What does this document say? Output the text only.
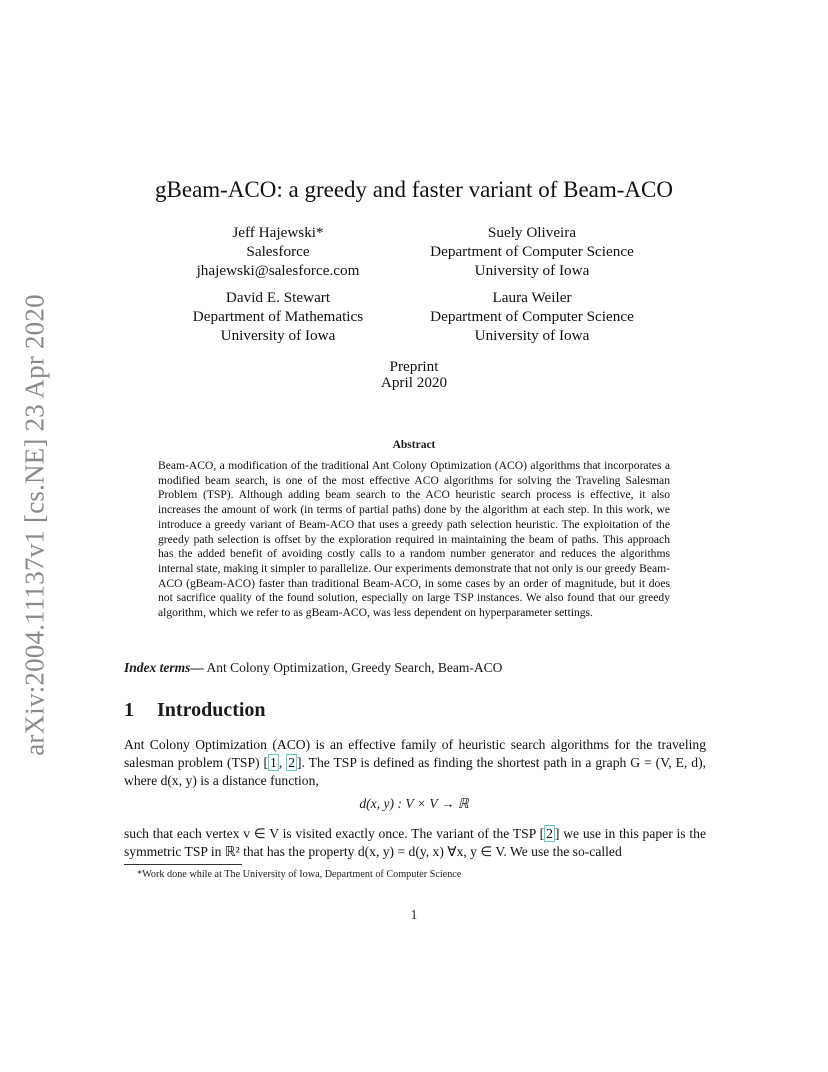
arXiv:2004.11137v1 [cs.NE] 23 Apr 2020
gBeam-ACO: a greedy and faster variant of Beam-ACO
Jeff Hajewski*
Salesforce
jhajewski@salesforce.com
Suely Oliveira
Department of Computer Science
University of Iowa
David E. Stewart
Department of Mathematics
University of Iowa
Laura Weiler
Department of Computer Science
University of Iowa
Preprint
April 2020
Abstract
Beam-ACO, a modification of the traditional Ant Colony Optimization (ACO) algorithms that incorporates a modified beam search, is one of the most effective ACO algorithms for solving the Traveling Salesman Problem (TSP). Although adding beam search to the ACO heuristic search process is effective, it also increases the amount of work (in terms of partial paths) done by the algorithm at each step. In this work, we introduce a greedy variant of Beam-ACO that uses a greedy path selection heuristic. The exploitation of the greedy path selection is offset by the exploration required in maintaining the beam of paths. This approach has the added benefit of avoiding costly calls to a random number generator and reduces the algorithms internal state, making it simpler to parallelize. Our experiments demonstrate that not only is our greedy Beam-ACO (gBeam-ACO) faster than traditional Beam-ACO, in some cases by an order of magnitude, but it does not sacrifice quality of the found solution, especially on large TSP instances. We also found that our greedy algorithm, which we refer to as gBeam-ACO, was less dependent on hyperparameter settings.
Index terms— Ant Colony Optimization, Greedy Search, Beam-ACO
1 Introduction
Ant Colony Optimization (ACO) is an effective family of heuristic search algorithms for the traveling salesman problem (TSP) [ 1 , 2 ]. The TSP is defined as finding the shortest path in a graph G = (V, E, d), where d(x, y) is a distance function,
d(x, y) : V × V → ℝ
such that each vertex v ∈ V is visited exactly once. The variant of the TSP [ 2 ] we use in this paper is the symmetric TSP in ℝ² that has the property d(x, y) = d(y, x) ∀x, y ∈ V. We use the so-called
*Work done while at The University of Iowa, Department of Computer Science
1
